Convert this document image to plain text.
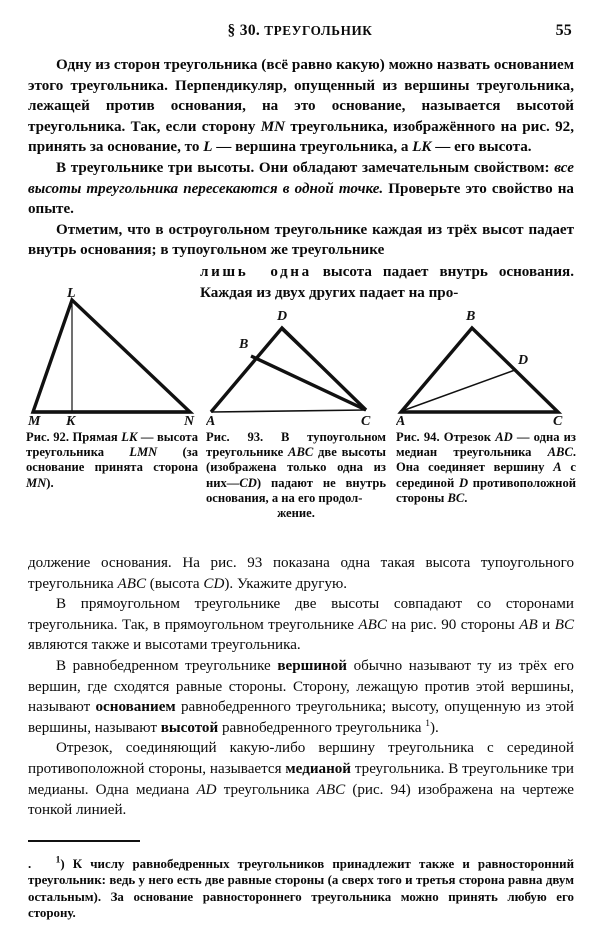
§ 30. ТРЕУГОЛЬНИК	55

Одну из сторон треугольника (всё равно какую) можно назвать основанием этого треугольника. Перпендикуляр, опущенный из вершины треугольника, лежащей против основания, на это основание, называется высотой треугольника. Так, если сторону MN треугольника, изображённого на рис. 92, принять за основание, то L — вершина треугольника, а LK — его высота.

В треугольнике три высоты. Они обладают замечательным свойством: все высоты треугольника пересекаются в одной точке. Проверьте это свойство на опыте.

Отметим, что в остроугольном треугольнике каждая из трёх высот падает внутрь основания; в тупоугольном же треугольнике

лишь одна высота падает внутрь основания. Каждая из двух других падает на про-

L
M K	N
Рис. 92. Прямая LK — высота треугольника LMN (за основание принята сторона MN).
D
B
A	C
Рис. 93. В тупоугольном треугольнике ABC две высоты (изображена только одна из них—CD) падают не внутрь основания, а на его продол-
жение.
B
D
A	C
Рис. 94. Отрезок AD — одна из медиан треугольника ABC. Она соединяет вершину A с серединой D противоположной стороны BC.

должение основания. На рис. 93 показана одна такая высота тупоугольного треугольника ABC (высота CD). Укажите другую.

В прямоугольном треугольнике две высоты совпадают со сторонами треугольника. Так, в прямоугольном треугольнике ABC на рис. 90 стороны AB и BC являются также и высотами треугольника.

В равнобедренном треугольнике вершиной обычно называют ту из трёх его вершин, где сходятся равные стороны. Сторону, лежащую против этой вершины, называют основанием равнобедренного треугольника; высоту, опущенную из этой вершины, называют высотой равнобедренного треугольника $^1$).

Отрезок, соединяющий какую-либо вершину треугольника с серединой противоположной стороны, называется медианой треугольника. В треугольнике три медианы. Одна медиана AD треугольника ABC (рис. 94) изображена на чертеже тонкой линией.

.	$^1$) К числу равнобедренных треугольников принадлежит также и равносторонний треугольник: ведь у него есть две равные стороны (а сверх того и третья сторона равна двум остальным). За основание равностороннего треугольника можно принять любую его сторону.
